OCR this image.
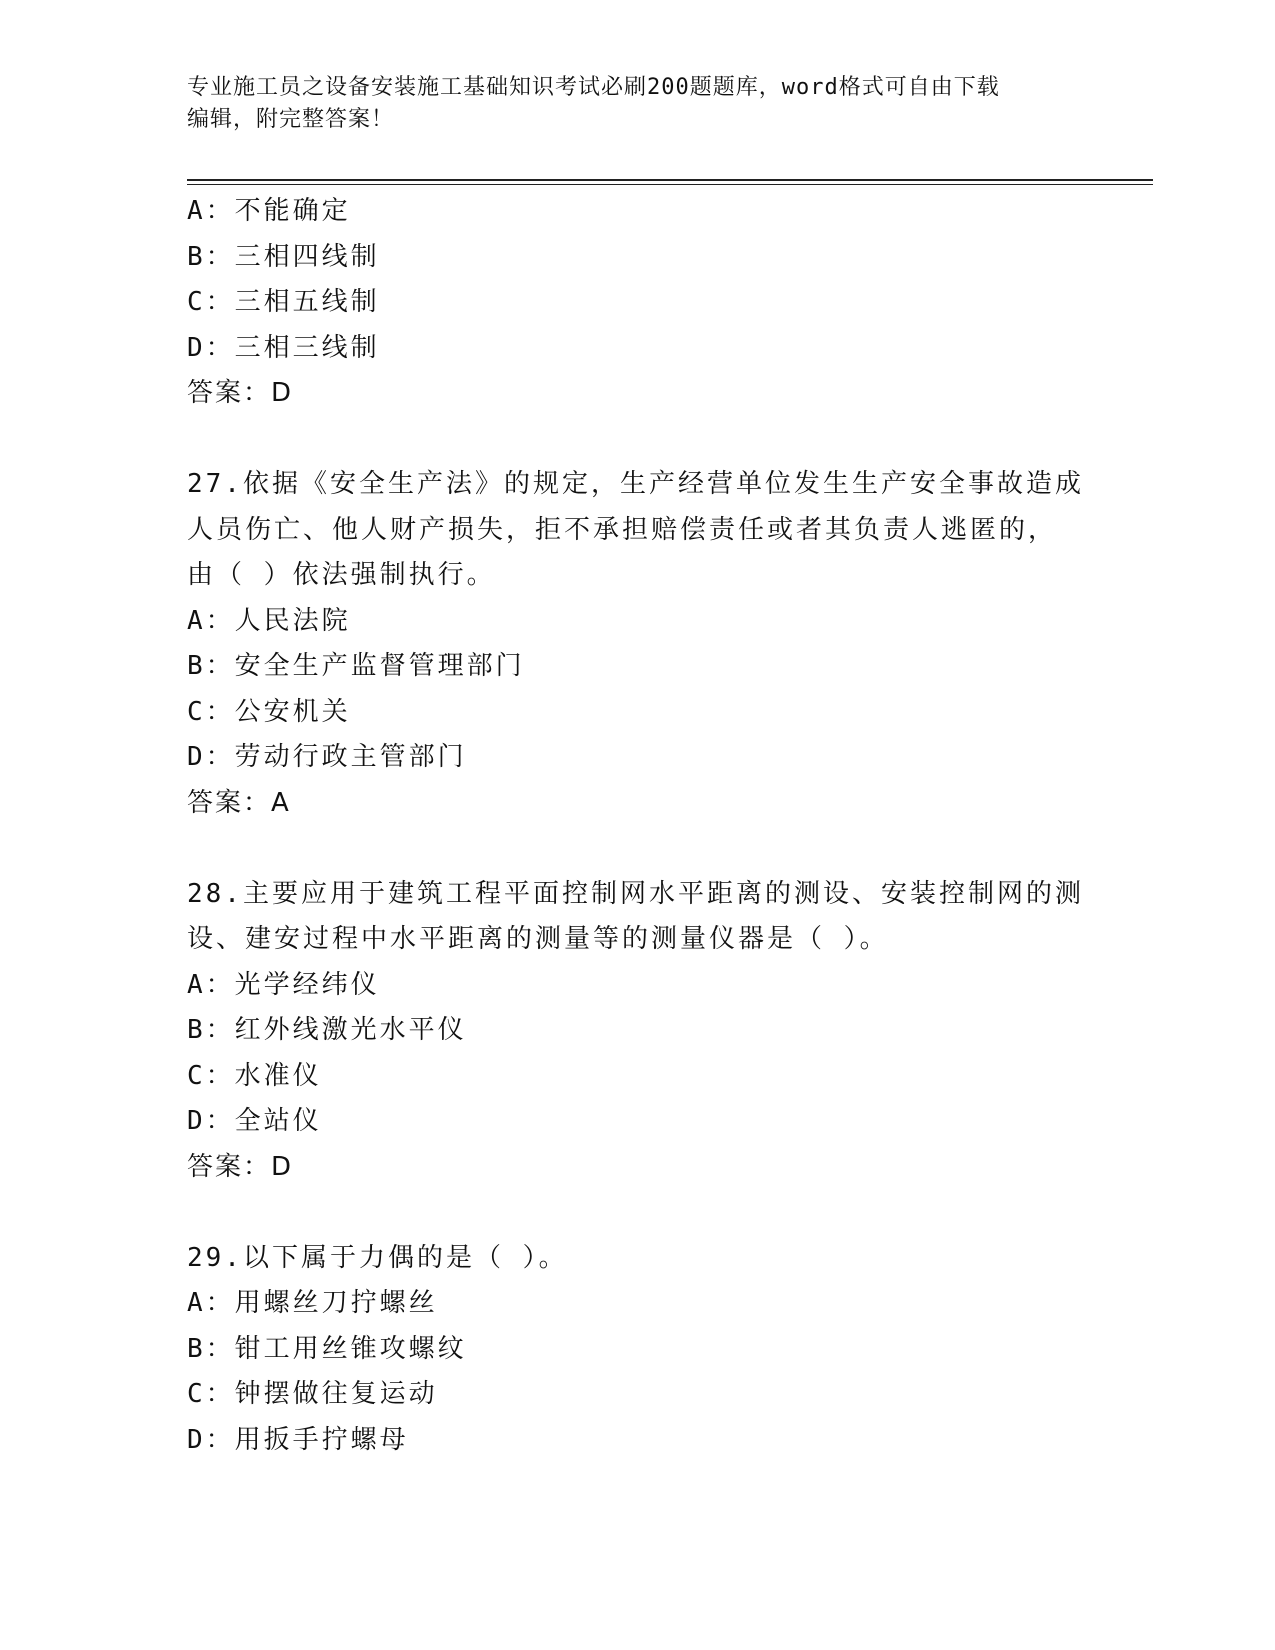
专业施工员之设备安装施工基础知识考试必刷200题题库，word格式可自由下载
编辑，附完整答案！
A：不能确定
B：三相四线制
C：三相五线制
D：三相三线制
答案：D
27.依据《安全生产法》的规定，生产经营单位发生生产安全事故造成
人员伤亡、他人财产损失，拒不承担赔偿责任或者其负责人逃匿的，
由（ ）依法强制执行。
A：人民法院
B：安全生产监督管理部门
C：公安机关
D：劳动行政主管部门
答案：A
28.主要应用于建筑工程平面控制网水平距离的测设、安装控制网的测
设、建安过程中水平距离的测量等的测量仪器是（ ）。
A：光学经纬仪
B：红外线激光水平仪
C：水准仪
D：全站仪
答案：D
29.以下属于力偶的是（ ）。
A：用螺丝刀拧螺丝
B：钳工用丝锥攻螺纹
C：钟摆做往复运动
D：用扳手拧螺母
